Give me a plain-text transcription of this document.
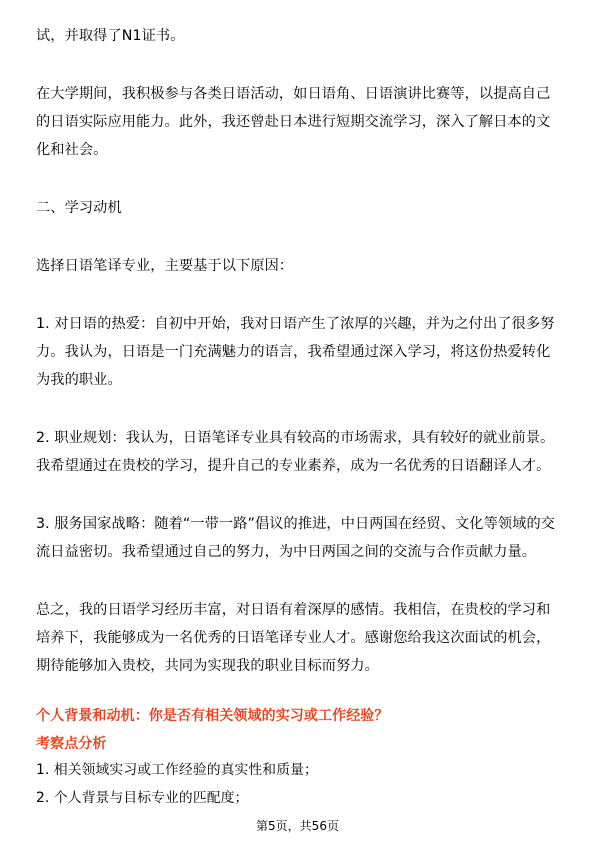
试，并取得了N1证书。
在大学期间，我积极参与各类日语活动，如日语角、日语演讲比赛等，以提高自己
的日语实际应用能力。此外，我还曾赴日本进行短期交流学习，深入了解日本的文
化和社会。
二、学习动机
选择日语笔译专业，主要基于以下原因：
1. 对日语的热爱：自初中开始，我对日语产生了浓厚的兴趣，并为之付出了很多努
力。我认为，日语是一门充满魅力的语言，我希望通过深入学习，将这份热爱转化
为我的职业。
2. 职业规划：我认为，日语笔译专业具有较高的市场需求，具有较好的就业前景。
我希望通过在贵校的学习，提升自己的专业素养，成为一名优秀的日语翻译人才。
3. 服务国家战略：随着“一带一路”倡议的推进，中日两国在经贸、文化等领域的交
流日益密切。我希望通过自己的努力，为中日两国之间的交流与合作贡献力量。
总之，我的日语学习经历丰富，对日语有着深厚的感情。我相信，在贵校的学习和
培养下，我能够成为一名优秀的日语笔译专业人才。感谢您给我这次面试的机会，
期待能够加入贵校，共同为实现我的职业目标而努力。
个人背景和动机：你是否有相关领域的实习或工作经验？
考察点分析
1. 相关领域实习或工作经验的真实性和质量；
2. 个人背景与目标专业的匹配度；
第5页，共56页
